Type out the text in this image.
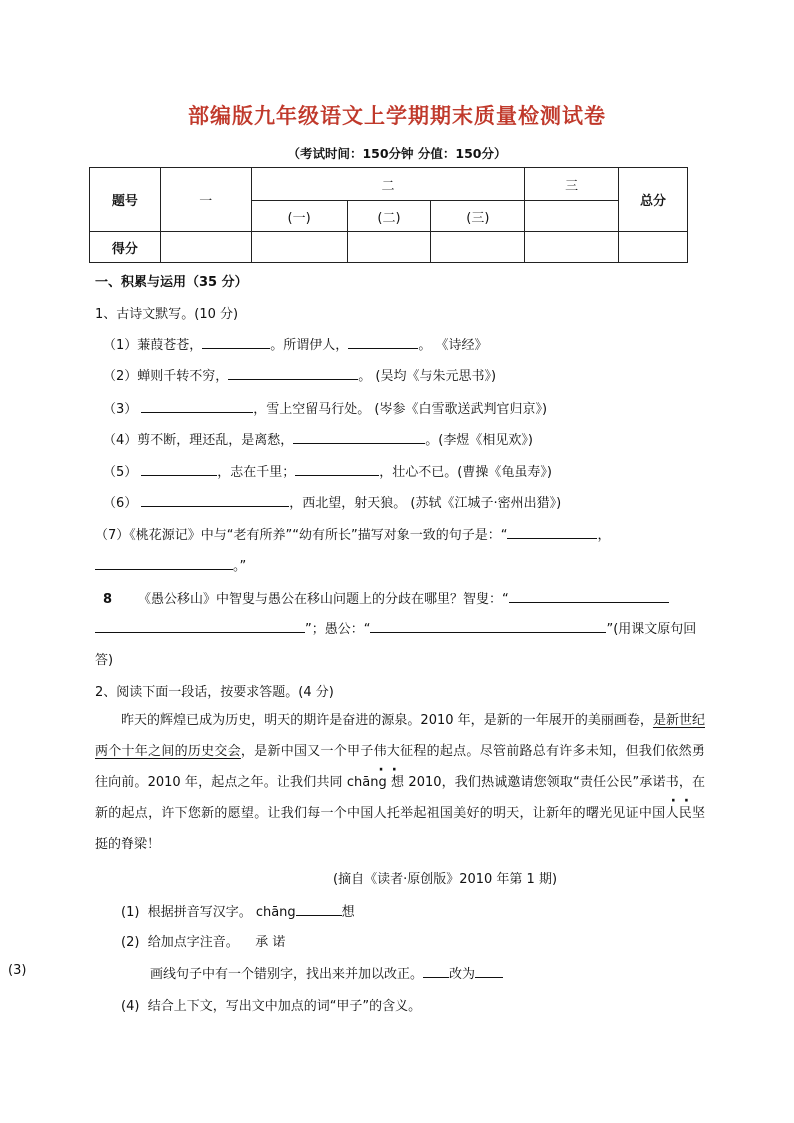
部编版九年级语文上学期期末质量检测试卷
（考试时间：150分钟 分值：150分）
题号	一	二			三	总分
		(一)	(二)	(三)		
得分						
一、积累与运用（35 分）
1、古诗文默写。(10 分)
（1）蒹葭苍苍，	。所谓伊人，	。 《诗经》
（2）蝉则千转不穷，	。 (吴均《与朱元思书》)
（3）	，雪上空留马行处。 (岑参《白雪歌送武判官归京》)
（4）剪不断，理还乱，是离愁，	。(李煜《相见欢》)
（5）	，志在千里；	，壮心不已。(曹操《龟虽寿》)
（6）	，西北望，射天狼。 (苏轼《江城子·密州出猎》)
（7）《桃花源记》中与“老有所养”“幼有所长”描写对象一致的句子是：“	，
。”
8 《愚公移山》中智叟与愚公在移山问题上的分歧在哪里？智叟：“
”；愚公：“	”(用课文原句回
答)
2、阅读下面一段话，按要求答题。(4 分)

昨天的辉煌已成为历史，明天的期许是奋进的源泉。2010 年，是新的一年展开的美丽画卷，是新世纪两个十年之间的历史交会，是新中国又一个甲 ·子 ·伟大征程的起点。尽管前路总有许多未知，但我们依然勇往向前。2010 年，起点之年。让我们共同 chāng 想 2010，我们热诚邀请您领取“责任公民”承 ·诺 ·书，在新的起点，许下您新的愿望。让我们每一个中国人托举起祖国美好的明天，让新年的曙光见证中国人民坚挺的脊梁！

(摘自《读者·原创版》2010 年第 1 期)
(1) 根据拼音写汉字。 chāng	想
(2) 给加点字注音。 承 诺
(3)	画线句子中有一个错别字，找出来并加以改正。 改为
(4) 结合上下文，写出文中加点的词“甲子”的含义。
